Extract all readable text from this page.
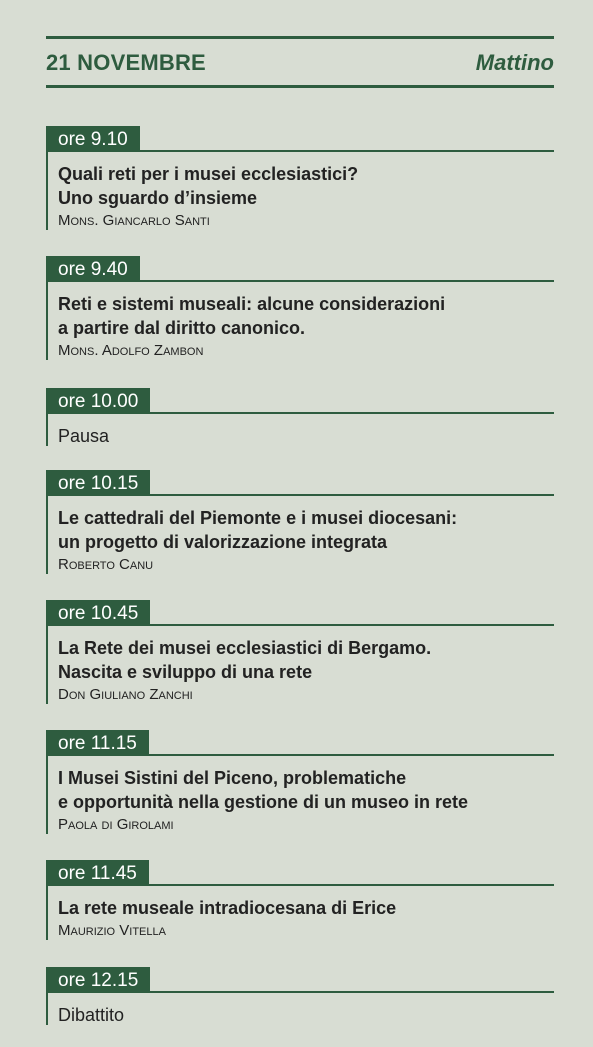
21 NOVEMBRE	Mattino
ore 9.10
Quali reti per i musei ecclesiastici?
Uno sguardo d’insieme
Mons. Giancarlo Santi
ore 9.40
Reti e sistemi museali: alcune considerazioni
a partire dal diritto canonico.
Mons. Adolfo Zambon
ore 10.00
Pausa
ore 10.15
Le cattedrali del Piemonte e i musei diocesani:
un progetto di valorizzazione integrata
Roberto Canu
ore 10.45
La Rete dei musei ecclesiastici di Bergamo.
Nascita e sviluppo di una rete
Don Giuliano Zanchi
ore 11.15
I Musei Sistini del Piceno, problematiche
e opportunità nella gestione di un museo in rete
Paola di Girolami
ore 11.45
La rete museale intradiocesana di Erice
Maurizio Vitella
ore 12.15
Dibattito
